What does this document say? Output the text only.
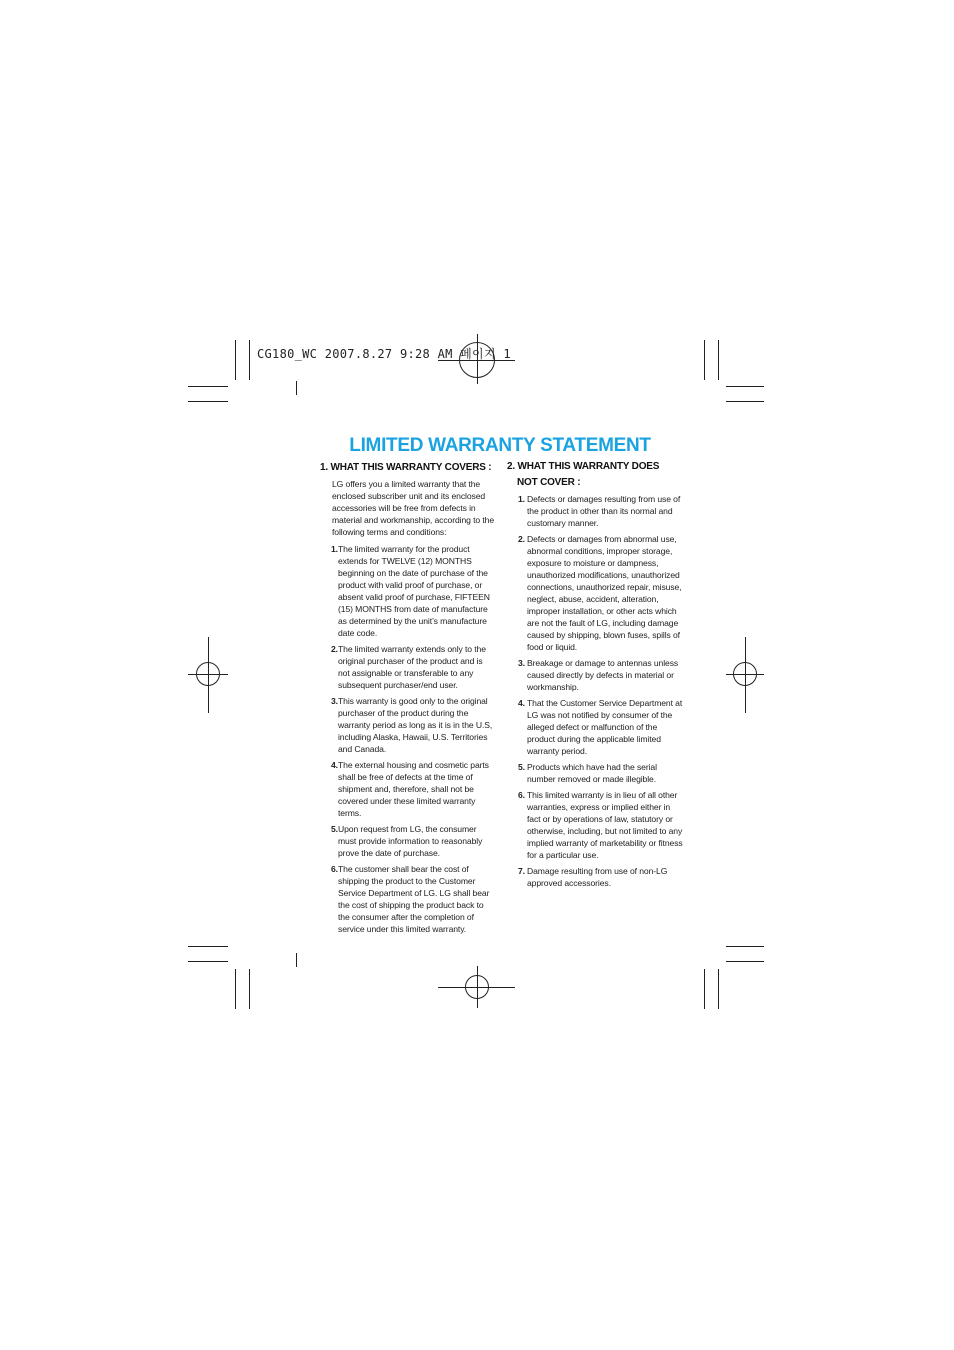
CG180_WC 2007.8.27 9:28 AM 페이지 1
LIMITED WARRANTY STATEMENT
1. WHAT THIS WARRANTY COVERS :

LG offers you a limited warranty that the enclosed subscriber unit and its enclosed accessories will be free from defects in material and workmanship, according to the following terms and conditions:

1. The limited warranty for the product extends for TWELVE (12) MONTHS beginning on the date of purchase of the product with valid proof of purchase, or absent valid proof of purchase, FIFTEEN (15) MONTHS from date of manufacture as determined by the unit’s manufacture date code.
2. The limited warranty extends only to the original purchaser of the product and is not assignable or transferable to any subsequent purchaser/end user.
3. This warranty is good only to the original purchaser of the product during the warranty period as long as it is in the U.S, including Alaska, Hawaii, U.S. Territories and Canada.
4. The external housing and cosmetic parts shall be free of defects at the time of shipment and, therefore, shall not be covered under these limited warranty terms.
5. Upon request from LG, the consumer must provide information to reasonably prove the date of purchase.
6. The customer shall bear the cost of shipping the product to the Customer Service Department of LG. LG shall bear the cost of shipping the product back to the consumer after the completion of service under this limited warranty.
2. WHAT THIS WARRANTY DOES
NOT COVER :
1. Defects or damages resulting from use of the product in other than its normal and customary manner.
2. Defects or damages from abnormal use, abnormal conditions, improper storage, exposure to moisture or dampness, unauthorized modifications, unauthorized connections, unauthorized repair, misuse, neglect, abuse, accident, alteration, improper installation, or other acts which are not the fault of LG, including damage caused by shipping, blown fuses, spills of food or liquid.
3. Breakage or damage to antennas unless caused directly by defects in material or workmanship.
4. That the Customer Service Department at LG was not notified by consumer of the alleged defect or malfunction of the product during the applicable limited warranty period.
5. Products which have had the serial number removed or made illegible.
6. This limited warranty is in lieu of all other warranties, express or implied either in fact or by operations of law, statutory or otherwise, including, but not limited to any implied warranty of marketability or fitness for a particular use.
7. Damage resulting from use of non-LG approved accessories.
